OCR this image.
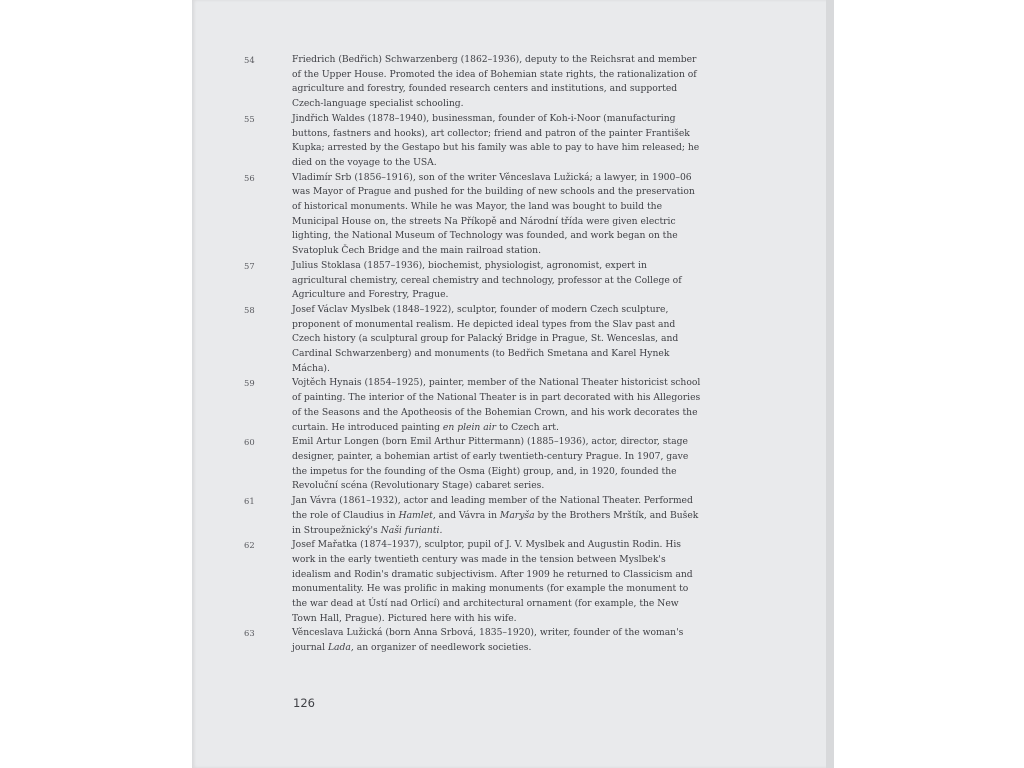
54	Friedrich (Bedřich) Schwarzenberg (1862–1936), deputy to the Reichsrat and member of the Upper House. Promoted the idea of Bohemian state rights, the rationalization of agriculture and forestry, founded research centers and institutions, and supported Czech-language specialist schooling.

55	Jindřich Waldes (1878–1940), businessman, founder of Koh-i-Noor (manufacturing buttons, fastners and hooks), art collector; friend and patron of the painter František Kupka; arrested by the Gestapo but his family was able to pay to have him released; he died on the voyage to the USA.

56	Vladimír Srb (1856–1916), son of the writer Věnceslava Lužická; a lawyer, in 1900–06 was Mayor of Prague and pushed for the building of new schools and the preservation of historical monuments. While he was Mayor, the land was bought to build the Municipal House on, the streets Na Příkopě and Národní třída were given electric lighting, the National Museum of Technology was founded, and work began on the Svatopluk Čech Bridge and the main railroad station.

57	Julius Stoklasa (1857–1936), biochemist, physiologist, agronomist, expert in agricultural chemistry, cereal chemistry and technology, professor at the College of Agriculture and Forestry, Prague.

58	Josef Václav Myslbek (1848–1922), sculptor, founder of modern Czech sculpture, proponent of monumental realism. He depicted ideal types from the Slav past and Czech history (a sculptural group for Palacký Bridge in Prague, St. Wenceslas, and Cardinal Schwarzenberg) and monuments (to Bedřich Smetana and Karel Hynek Mácha).

59	Vojtěch Hynais (1854–1925), painter, member of the National Theater historicist school of painting. The interior of the National Theater is in part decorated with his Allegories of the Seasons and the Apotheosis of the Bohemian Crown, and his work decorates the curtain. He introduced painting en plein air to Czech art.

60	Emil Artur Longen (born Emil Arthur Pittermann) (1885–1936), actor, director, stage designer, painter, a bohemian artist of early twentieth-century Prague. In 1907, gave the impetus for the founding of the Osma (Eight) group, and, in 1920, founded the Revoluční scéna (Revolutionary Stage) cabaret series.

61	Jan Vávra (1861–1932), actor and leading member of the National Theater. Performed the role of Claudius in Hamlet, and Vávra in Maryša by the Brothers Mrštík, and Bušek in Stroupežnický's Naši furianti.

62	Josef Mařatka (1874–1937), sculptor, pupil of J. V. Myslbek and Augustin Rodin. His work in the early twentieth century was made in the tension between Myslbek's idealism and Rodin's dramatic subjectivism. After 1909 he returned to Classicism and monumentality. He was prolific in making monuments (for example the monument to the war dead at Ústí nad Orlicí) and architectural ornament (for example, the New Town Hall, Prague). Pictured here with his wife.

63	Věnceslava Lužická (born Anna Srbová, 1835–1920), writer, founder of the woman's journal Lada, an organizer of needlework societies.

126
